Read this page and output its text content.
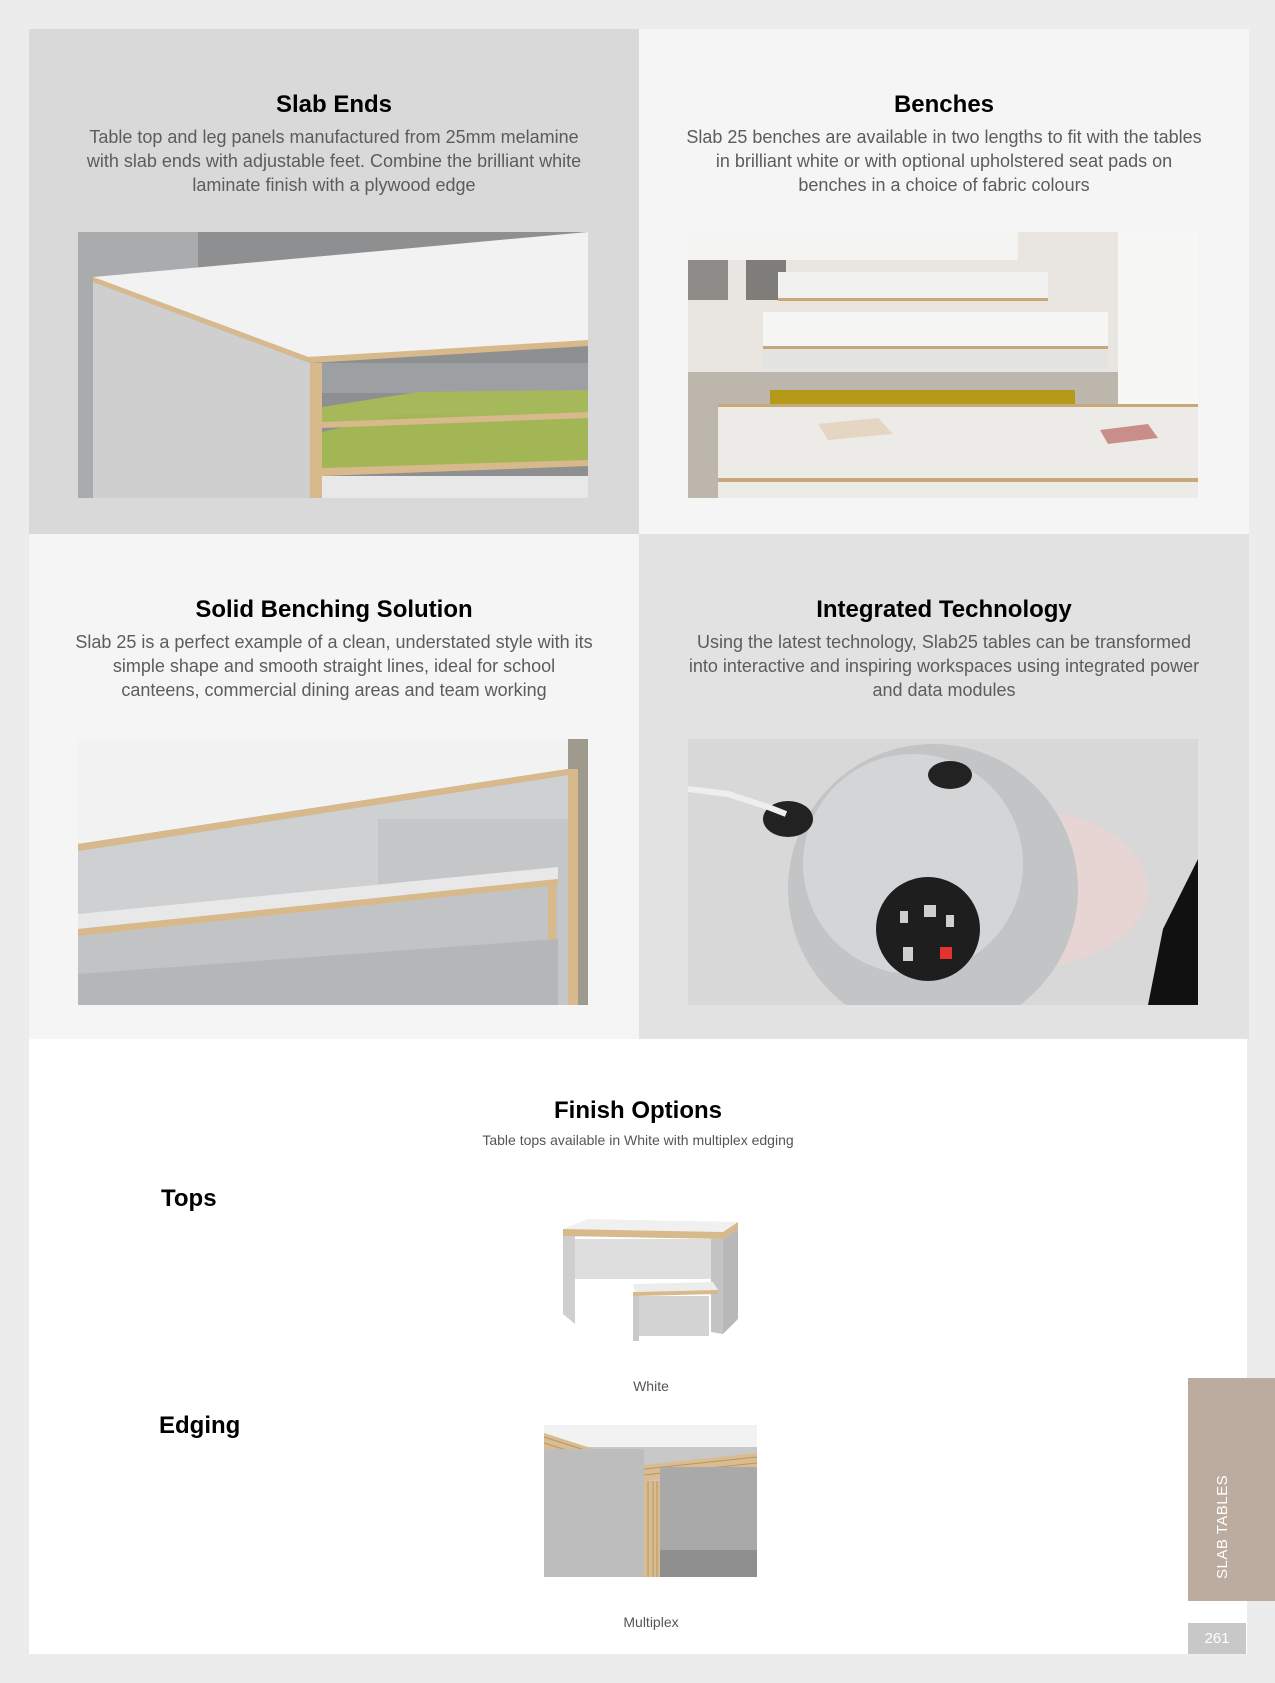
Slab Ends

Table top and leg panels manufactured from 25mm melamine with slab ends with adjustable feet. Combine the brilliant white laminate finish with a plywood edge

Benches

Slab 25 benches are available in two lengths to fit with the tables in brilliant white or with optional upholstered seat pads on benches in a choice of fabric colours

Solid Benching Solution

Slab 25 is a perfect example of a clean, understated style with its simple shape and smooth straight lines, ideal for school canteens, commercial dining areas and team working

Integrated Technology

Using the latest technology, Slab25 tables can be transformed into interactive and inspiring workspaces using integrated power and data modules

Finish Options

Table tops available in White with multiplex edging

Tops

White

Edging

Multiplex

SLAB TABLES
261
